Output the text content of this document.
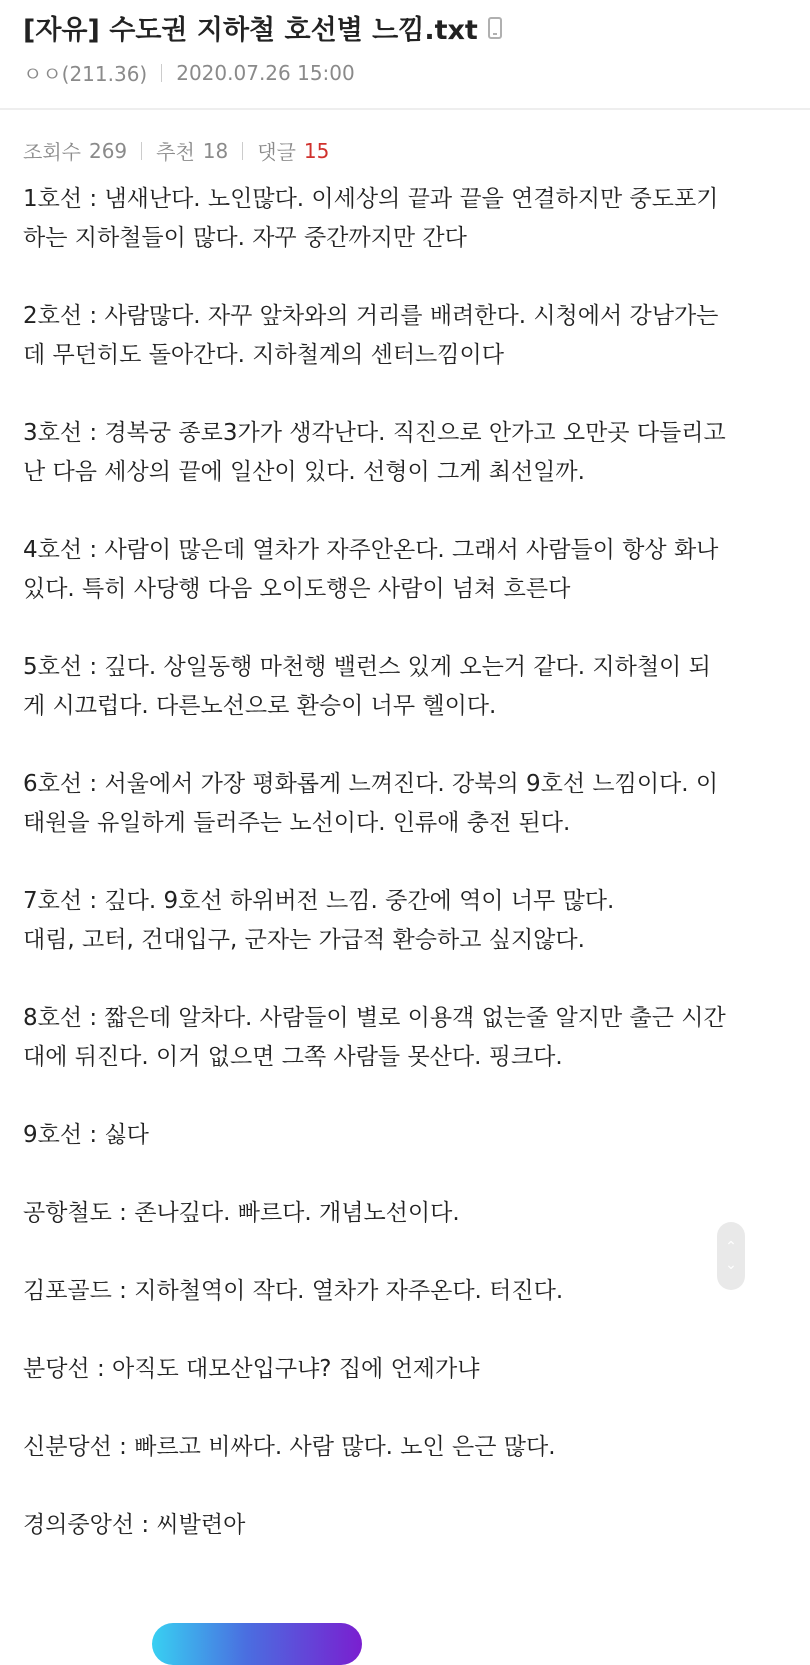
[자유] 수도권 지하철 호선별 느낌.txt
ㅇㅇ(211.36) 2020.07.26 15:00
조회수 269 추천 18 댓글 15

1호선 : 냄새난다. 노인많다. 이세상의 끝과 끝을 연결하지만 중도포기
하는 지하철들이 많다. 자꾸 중간까지만 간다

2호선 : 사람많다. 자꾸 앞차와의 거리를 배려한다. 시청에서 강남가는
데 무던히도 돌아간다. 지하철계의 센터느낌이다

3호선 : 경복궁 종로3가가 생각난다. 직진으로 안가고 오만곳 다들리고
난 다음 세상의 끝에 일산이 있다. 선형이 그게 최선일까.

4호선 : 사람이 많은데 열차가 자주안온다. 그래서 사람들이 항상 화나
있다. 특히 사당행 다음 오이도행은 사람이 넘쳐 흐른다

5호선 : 깊다. 상일동행 마천행 밸런스 있게 오는거 같다. 지하철이 되
게 시끄럽다. 다른노선으로 환승이 너무 헬이다.

6호선 : 서울에서 가장 평화롭게 느껴진다. 강북의 9호선 느낌이다. 이
태원을 유일하게 들러주는 노선이다. 인류애 충전 된다.

7호선 : 깊다. 9호선 하위버전 느낌. 중간에 역이 너무 많다.
대림, 고터, 건대입구, 군자는 가급적 환승하고 싶지않다.

8호선 : 짧은데 알차다. 사람들이 별로 이용객 없는줄 알지만 출근 시간
대에 뒤진다. 이거 없으면 그쪽 사람들 못산다. 핑크다.

9호선 : 싫다

공항철도 : 존나깊다. 빠르다. 개념노선이다.

김포골드 : 지하철역이 작다. 열차가 자주온다. 터진다.

분당선 : 아직도 대모산입구냐? 집에 언제가냐

신분당선 : 빠르고 비싸다. 사람 많다. 노인 은근 많다.

경의중앙선 : 씨발련아

⌃
⌄
